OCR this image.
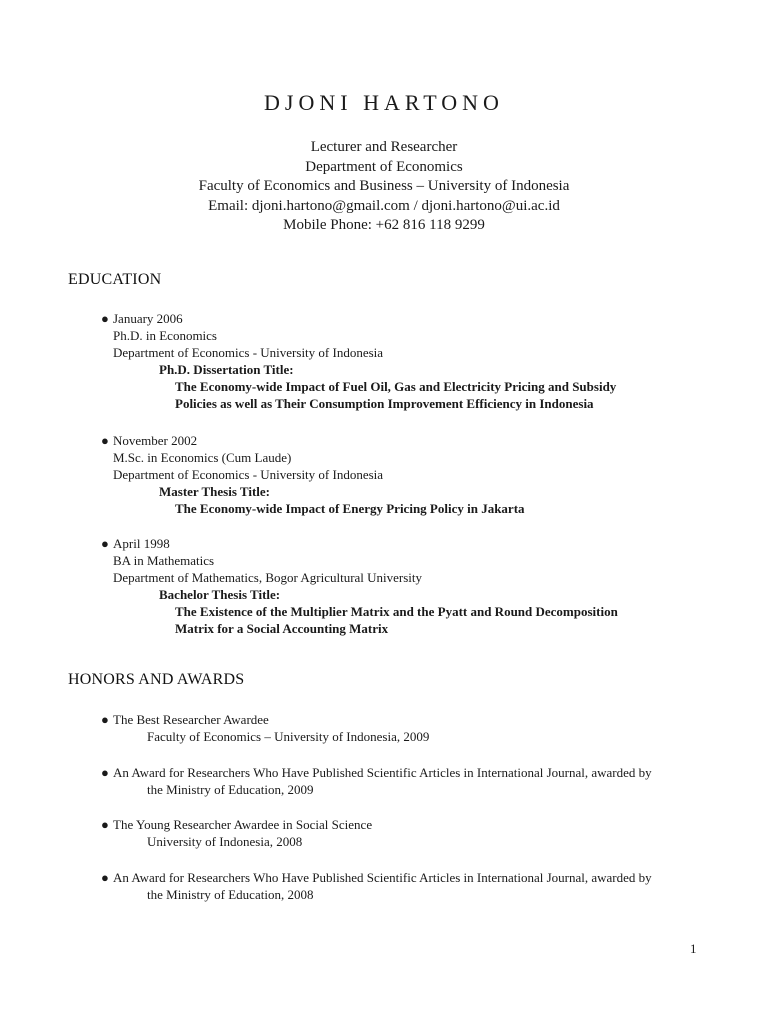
DJONI HARTONO
Lecturer and Researcher
Department of Economics
Faculty of Economics and Business – University of Indonesia
Email: djoni.hartono@gmail.com / djoni.hartono@ui.ac.id
Mobile Phone: +62 816 118 9299
EDUCATION
● January 2006
Ph.D. in Economics
Department of Economics - University of Indonesia
Ph.D. Dissertation Title:
The Economy-wide Impact of Fuel Oil, Gas and Electricity Pricing and Subsidy
Policies as well as Their Consumption Improvement Efficiency in Indonesia
● November 2002
M.Sc. in Economics (Cum Laude)
Department of Economics - University of Indonesia
Master Thesis Title:
The Economy-wide Impact of Energy Pricing Policy in Jakarta
● April 1998
BA in Mathematics
Department of Mathematics, Bogor Agricultural University
Bachelor Thesis Title:
The Existence of the Multiplier Matrix and the Pyatt and Round Decomposition
Matrix for a Social Accounting Matrix
HONORS AND AWARDS
● The Best Researcher Awardee
Faculty of Economics – University of Indonesia, 2009
● An Award for Researchers Who Have Published Scientific Articles in International Journal, awarded by
the Ministry of Education, 2009
● The Young Researcher Awardee in Social Science
University of Indonesia, 2008
● An Award for Researchers Who Have Published Scientific Articles in International Journal, awarded by
the Ministry of Education, 2008
1
